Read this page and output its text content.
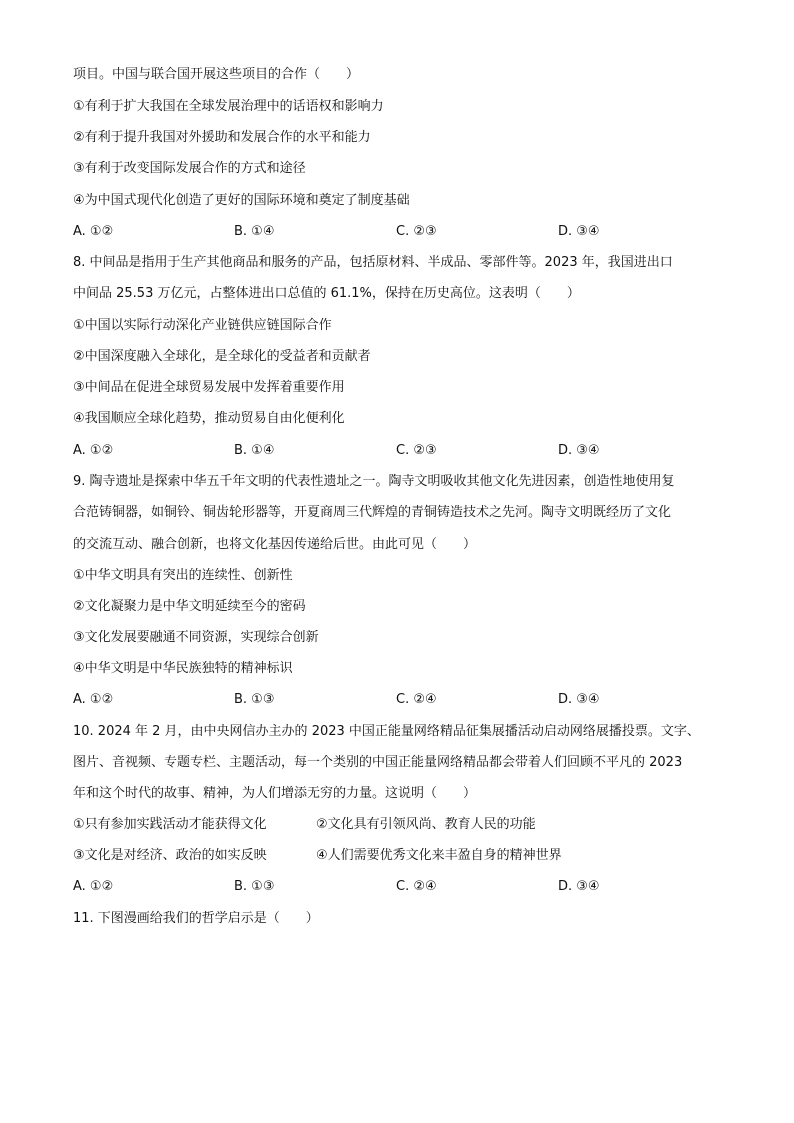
项目。中国与联合国开展这些项目的合作（　　）
①有利于扩大我国在全球发展治理中的话语权和影响力
②有利于提升我国对外援助和发展合作的水平和能力
③有利于改变国际发展合作的方式和途径
④为中国式现代化创造了更好的国际环境和奠定了制度基础
A. ①②	B. ①④	C. ②③	D. ③④
8. 中间品是指用于生产其他商品和服务的产品，包括原材料、半成品、零部件等。2023 年，我国进出口
中间品 25.53 万亿元，占整体进出口总值的 61.1%，保持在历史高位。这表明（　　）
①中国以实际行动深化产业链供应链国际合作
②中国深度融入全球化，是全球化的受益者和贡献者
③中间品在促进全球贸易发展中发挥着重要作用
④我国顺应全球化趋势，推动贸易自由化便利化
A. ①②	B. ①④	C. ②③	D. ③④
9. 陶寺遗址是探索中华五千年文明的代表性遗址之一。陶寺文明吸收其他文化先进因素，创造性地使用复
合范铸铜器，如铜铃、铜齿轮形器等，开夏商周三代辉煌的青铜铸造技术之先河。陶寺文明既经历了文化
的交流互动、融合创新，也将文化基因传递给后世。由此可见（　　）
①中华文明具有突出的连续性、创新性
②文化凝聚力是中华文明延续至今的密码
③文化发展要融通不同资源，实现综合创新
④中华文明是中华民族独特的精神标识
A. ①②	B. ①③	C. ②④	D. ③④
10. 2024 年 2 月，由中央网信办主办的 2023 中国正能量网络精品征集展播活动启动网络展播投票。文字、
图片、音视频、专题专栏、主题活动，每一个类别的中国正能量网络精品都会带着人们回顾不平凡的 2023
年和这个时代的故事、精神，为人们增添无穷的力量。这说明（　　）
①只有参加实践活动才能获得文化	②文化具有引领风尚、教育人民的功能
③文化是对经济、政治的如实反映	④人们需要优秀文化来丰盈自身的精神世界
A. ①②	B. ①③	C. ②④	D. ③④
11. 下图漫画给我们的哲学启示是（　　）
